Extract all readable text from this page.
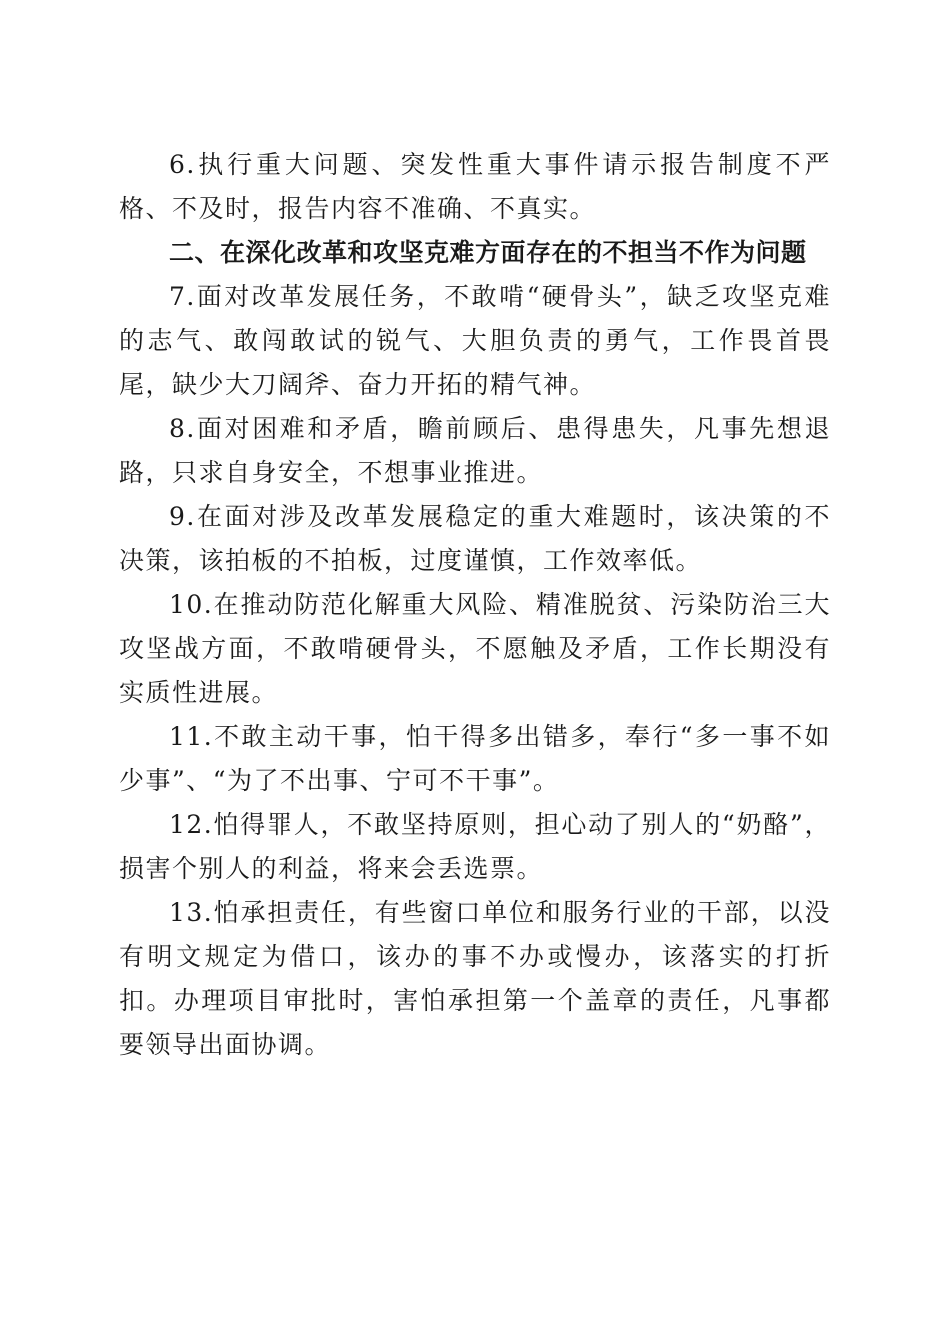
6.执行重大问题、突发性重大事件请示报告制度不严格、不及时，报告内容不准确、不真实。

二、在深化改革和攻坚克难方面存在的不担当不作为问题

7.面对改革发展任务，不敢啃“硬骨头”，缺乏攻坚克难的志气、敢闯敢试的锐气、大胆负责的勇气，工作畏首畏尾，缺少大刀阔斧、奋力开拓的精气神。

8.面对困难和矛盾，瞻前顾后、患得患失，凡事先想退路，只求自身安全，不想事业推进。

9.在面对涉及改革发展稳定的重大难题时，该决策的不决策，该拍板的不拍板，过度谨慎，工作效率低。

10.在推动防范化解重大风险、精准脱贫、污染防治三大攻坚战方面，不敢啃硬骨头，不愿触及矛盾，工作长期没有实质性进展。

11.不敢主动干事，怕干得多出错多，奉行“多一事不如少事”、“为了不出事、宁可不干事”。

12.怕得罪人，不敢坚持原则，担心动了别人的“奶酪”，损害个别人的利益，将来会丢选票。

13.怕承担责任，有些窗口单位和服务行业的干部，以没有明文规定为借口，该办的事不办或慢办，该落实的打折扣。办理项目审批时，害怕承担第一个盖章的责任，凡事都要领导出面协调。
